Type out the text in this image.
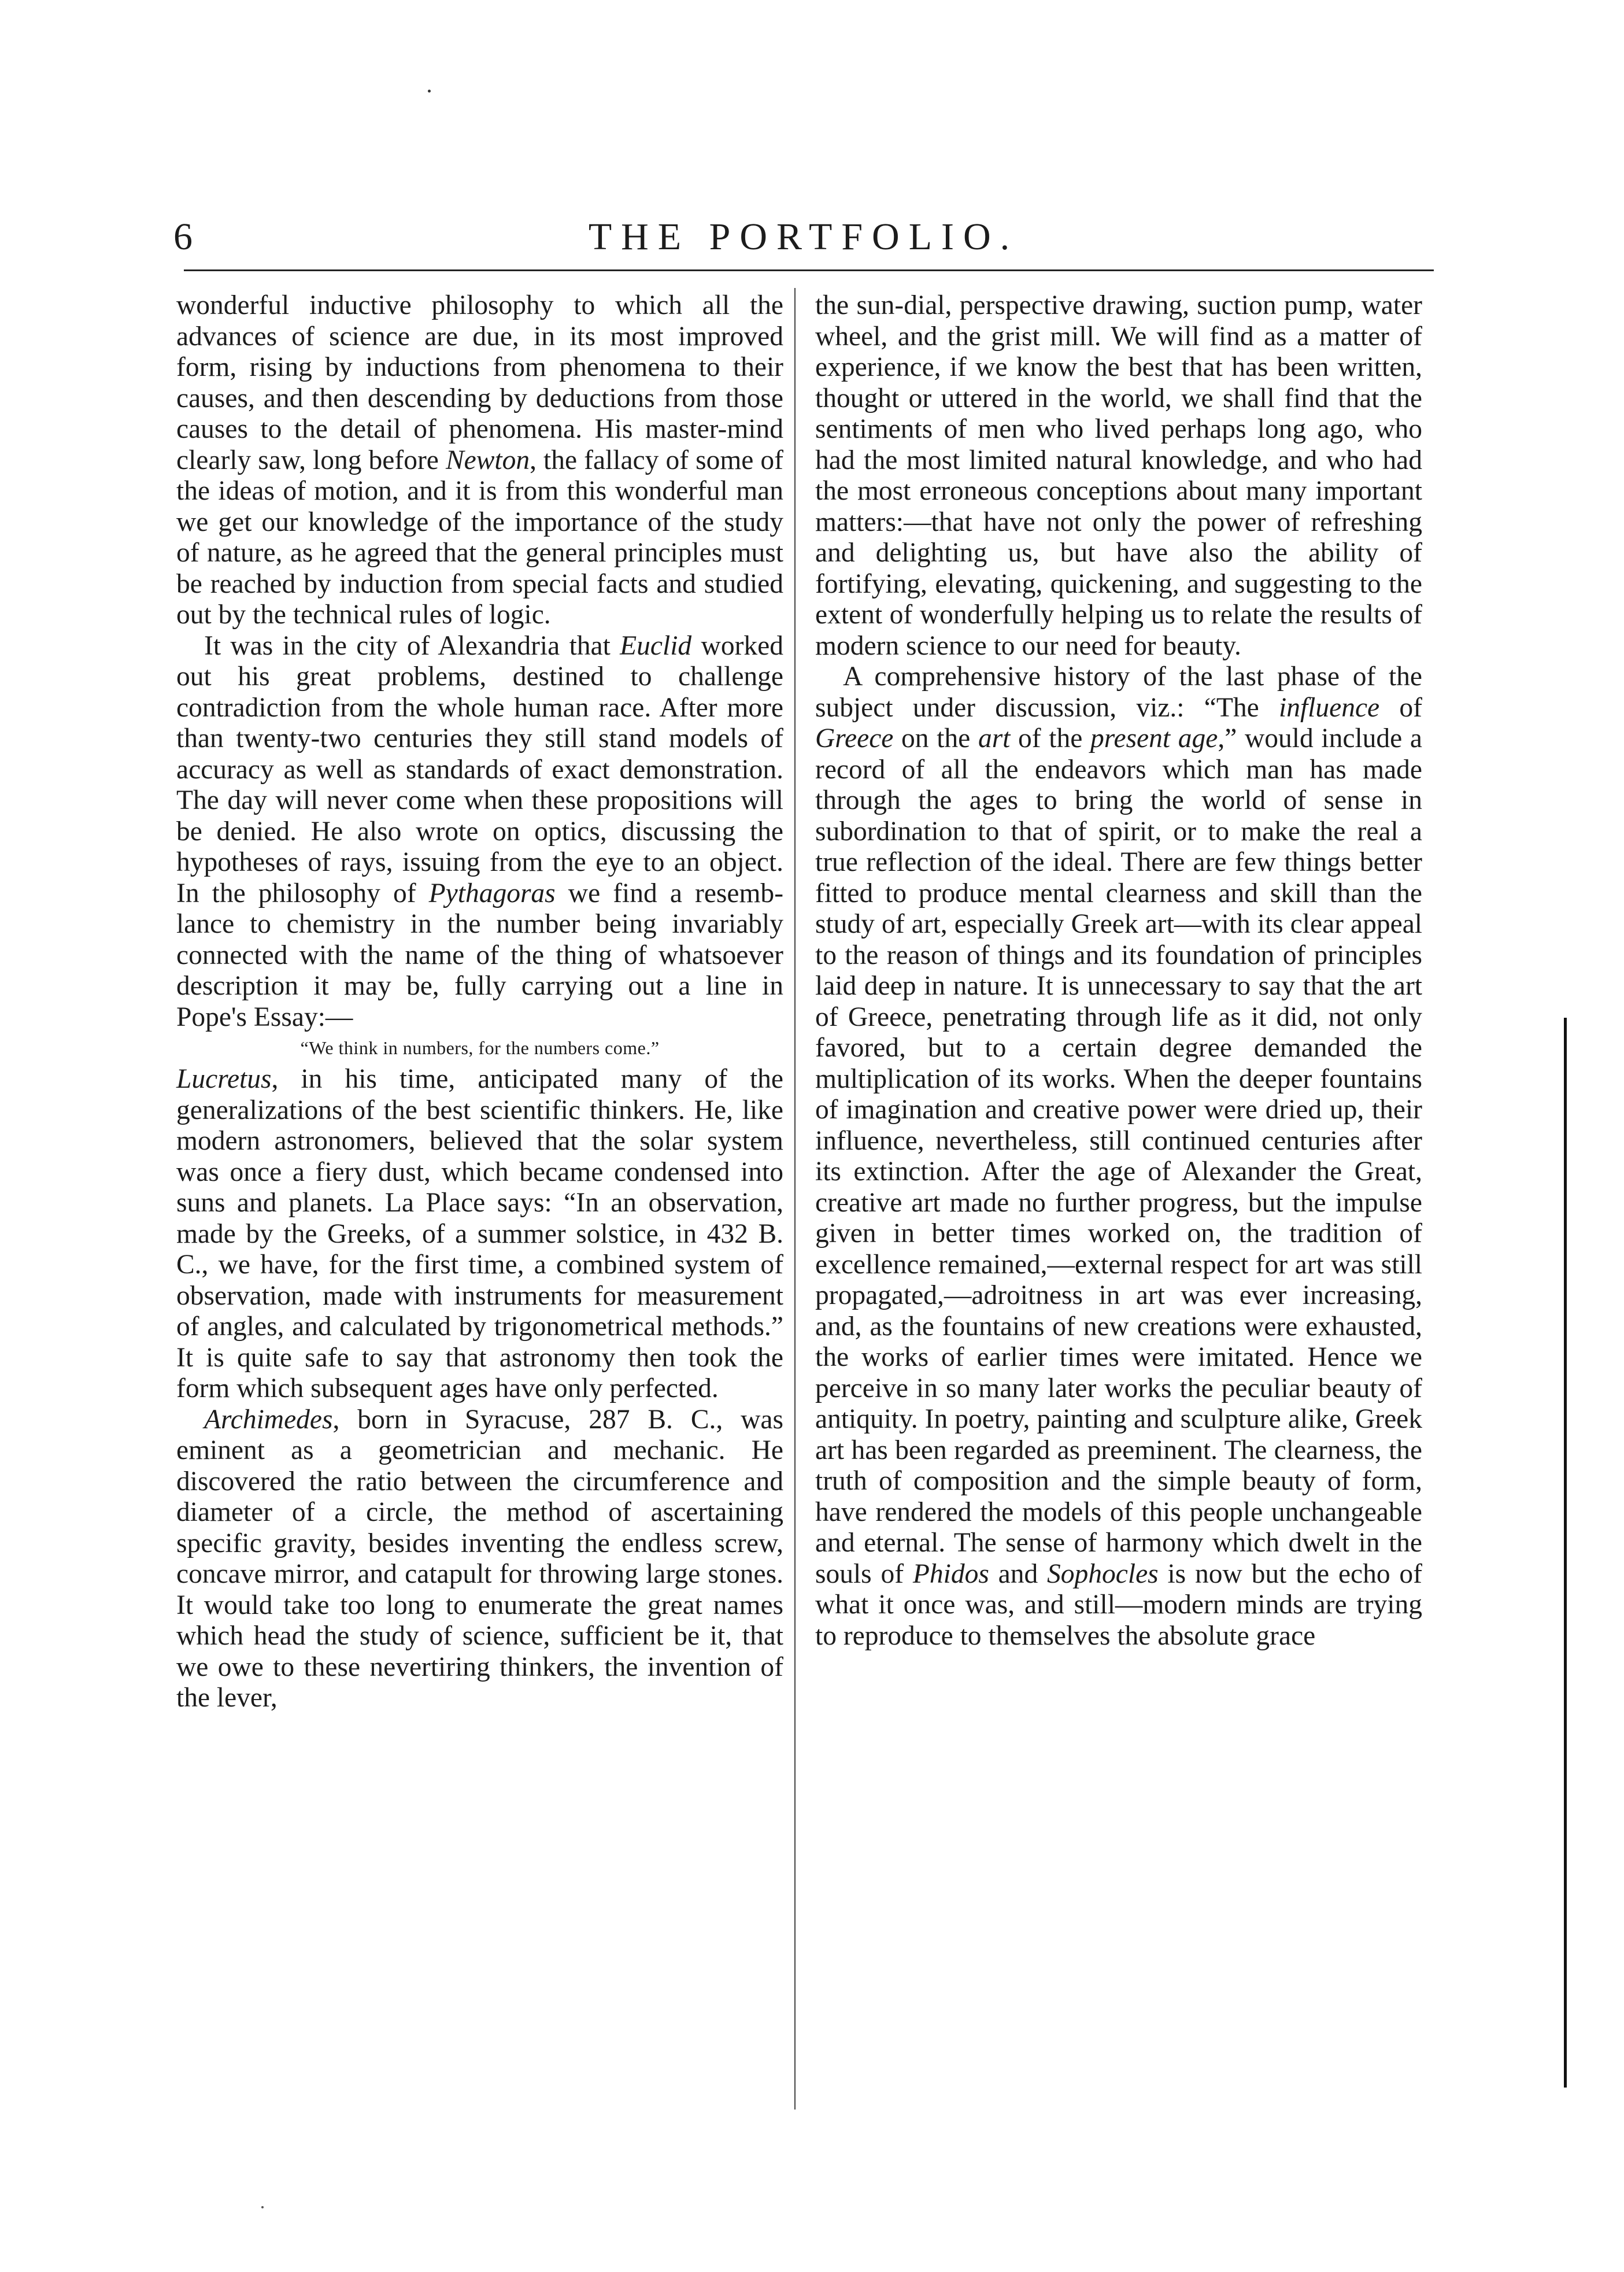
6	THE PORTFOLIO.

wonderful inductive philosophy to which all the advances of science are due, in its most improved form, rising by inductions from phenomena to their causes, and then descending by deductions from those causes to the detail of phenomena. His master-mind clearly saw, long before Newton, the fallacy of some of the ideas of motion, and it is from this wonderful man we get our knowledge of the importance of the study of nature, as he agreed that the general principles must be reached by induction from special facts and studied out by the technical rules of logic.

It was in the city of Alexandria that Euclid worked out his great problems, destined to challenge contradiction from the whole human race. After more than twenty-two centuries they still stand models of accuracy as well as standards of exact demonstration. The day will never come when these propositions will be denied. He also wrote on optics, discussing the hypotheses of rays, issuing from the eye to an object. In the philosophy of Pythagoras we find a resemblance to chemistry in the number being invariably connected with the name of the thing of whatsoever description it may be, fully carrying out a line in Pope's Essay:—

“We think in numbers, for the numbers come.”

Lucretus, in his time, anticipated many of the generalizations of the best scientific thinkers. He, like modern astronomers, believed that the solar system was once a fiery dust, which became condensed into suns and planets. La Place says: “In an observation, made by the Greeks, of a summer solstice, in 432 B. C., we have, for the first time, a combined system of observation, made with instruments for measurement of angles, and calculated by trigonometrical methods.” It is quite safe to say that astronomy then took the form which subsequent ages have only perfected.

Archimedes, born in Syracuse, 287 B. C., was eminent as a geometrician and mechanic. He discovered the ratio between the circumference and diameter of a circle, the method of ascertaining specific gravity, besides inventing the endless screw, concave mirror, and catapult for throwing large stones. It would take too long to enumerate the great names which head the study of science, sufficient be it, that we owe to these nevertiring thinkers, the invention of the lever,

the sun-dial, perspective drawing, suction pump, water wheel, and the grist mill. We will find as a matter of experience, if we know the best that has been written, thought or uttered in the world, we shall find that the sentiments of men who lived perhaps long ago, who had the most limited natural knowledge, and who had the most erroneous conceptions about many important matters:—that have not only the power of refreshing and delighting us, but have also the ability of fortifying, elevating, quickening, and suggesting to the extent of wonderfully helping us to relate the results of modern science to our need for beauty.

A comprehensive history of the last phase of the subject under discussion, viz.: “The influence of Greece on the art of the present age,” would include a record of all the endeavors which man has made through the ages to bring the world of sense in subordination to that of spirit, or to make the real a true reflection of the ideal. There are few things better fitted to produce mental clearness and skill than the study of art, especially Greek art—with its clear appeal to the reason of things and its foundation of principles laid deep in nature. It is unnecessary to say that the art of Greece, penetrating through life as it did, not only favored, but to a certain degree demanded the multiplication of its works. When the deeper fountains of imagination and creative power were dried up, their influence, nevertheless, still continued centuries after its extinction. After the age of Alexander the Great, creative art made no further progress, but the impulse given in better times worked on, the tradition of excellence remained,—external respect for art was still propagated,—adroitness in art was ever increasing, and, as the fountains of new creations were exhausted, the works of earlier times were imitated. Hence we perceive in so many later works the peculiar beauty of antiquity. In poetry, painting and sculpture alike, Greek art has been regarded as preeminent. The clearness, the truth of composition and the simple beauty of form, have rendered the models of this people unchangeable and eternal. The sense of harmony which dwelt in the souls of Phidos and Sophocles is now but the echo of what it once was, and still—modern minds are trying to reproduce to themselves the absolute grace
